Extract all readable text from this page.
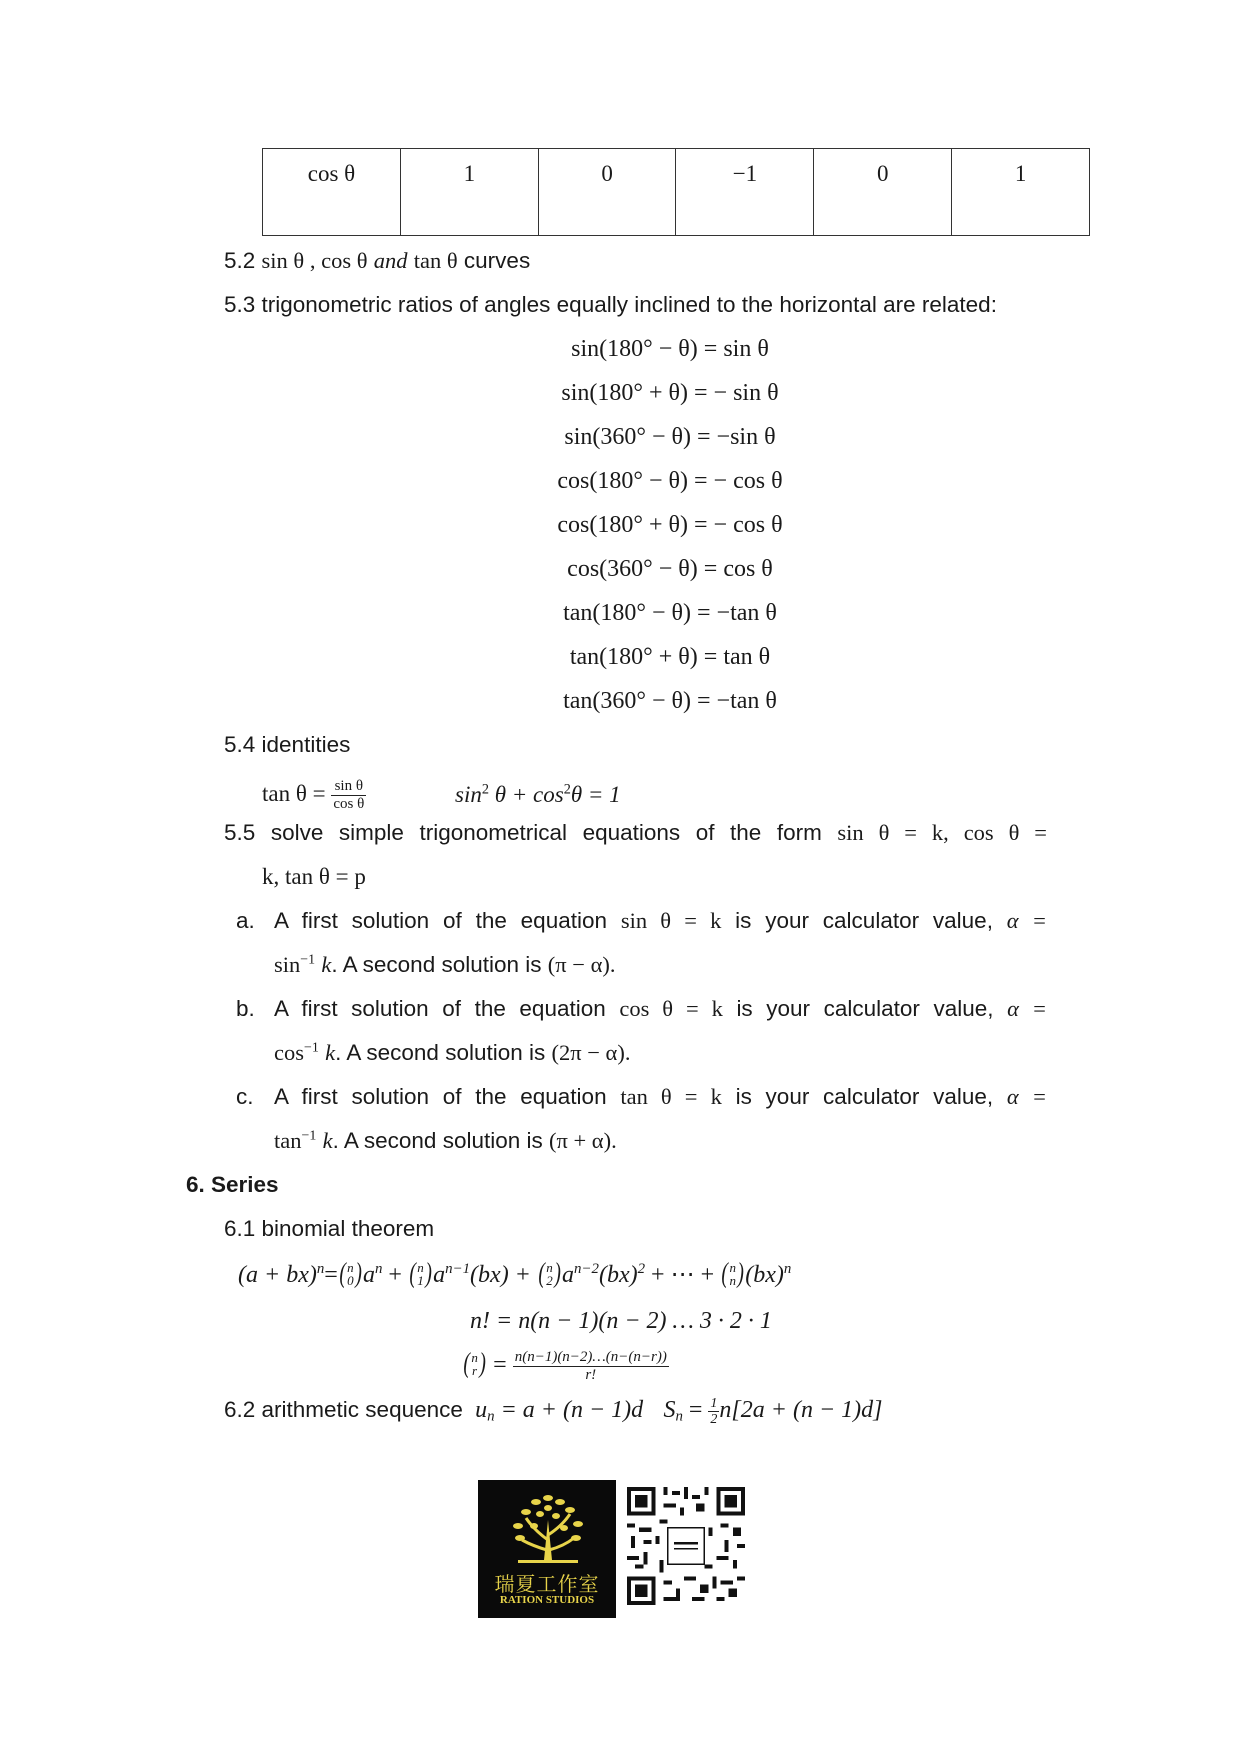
cos θ	1	0	−1	0	1
5.2 sin θ , cos θ and tan θ curves
5.3 trigonometric ratios of angles equally inclined to the horizontal are related:
sin(180° − θ) = sin θ
sin(180° + θ) = − sin θ
sin(360° − θ) = −sin θ
cos(180° − θ) = − cos θ
cos(180° + θ) = − cos θ
cos(360° − θ) = cos θ
tan(180° − θ) = −tan θ
tan(180° + θ) = tan θ
tan(360° − θ) = −tan θ
5.4 identities
$\tan \theta = \frac{\text{sin θ}}{\text{cos θ}}$	$\sin^2 \theta + \cos^2\theta = 1$
5.5 solve simple trigonometrical equations of the form sin θ = k, cos θ =
k, tan θ = p
a. A first solution of the equation sin θ = k is your calculator value, α =
$\sin^{-1} k$. A second solution is (π − α).
b. A first solution of the equation cos θ = k is your calculator value, α =
$\cos^{-1} k$. A second solution is (2π − α).
c. A first solution of the equation tan θ = k is your calculator value, α =
$\tan^{-1} k$. A second solution is (π + α).
6. Series
6.1 binomial theorem
(a + bx)$^n$= ( n
0 ) $a^n$ + ( n
1 ) $a^{n-1}(bx)$ + ( n
2 ) $a^{n-2}(bx)^2$ + ⋯ + ( n
n ) (bx)$^n$
n! = n(n − 1)(n − 2) … 3 · 2 · 1
( n
r ) = $\frac{n(n-1)(n-2)\dots(n-(n-r))}{r!}$
6.2 arithmetic sequence $u_n = a + (n - 1)d$ $S_n = \frac{1}{2} n[2a + (n - 1)d]$
瑞夏工作室
RATION STUDIOS
